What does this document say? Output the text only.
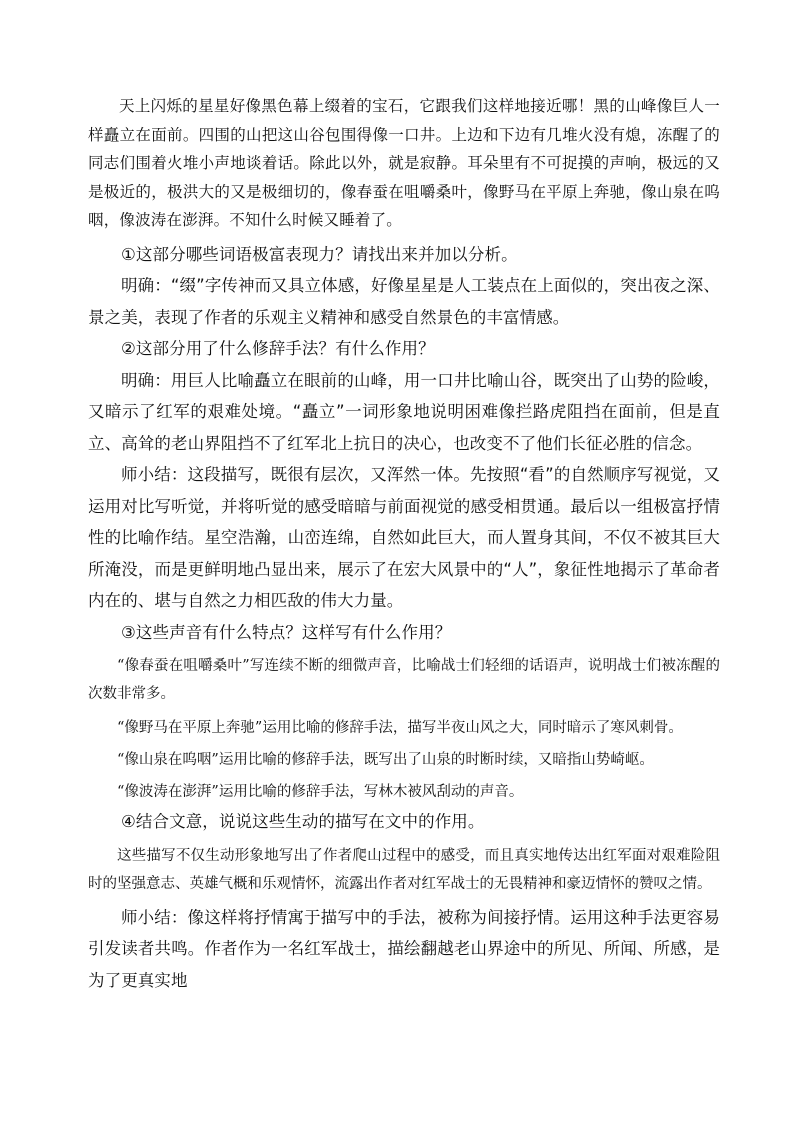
天上闪烁的星星好像黑色幕上缀着的宝石，它跟我们这样地接近哪！黑的山峰像巨人一样矗立在面前。四围的山把这山谷包围得像一口井。上边和下边有几堆火没有熄，冻醒了的同志们围着火堆小声地谈着话。除此以外，就是寂静。耳朵里有不可捉摸的声响，极远的又是极近的，极洪大的又是极细切的，像春蚕在咀嚼桑叶，像野马在平原上奔驰，像山泉在呜咽，像波涛在澎湃。不知什么时候又睡着了。

①这部分哪些词语极富表现力？请找出来并加以分析。

明确：“缀”字传神而又具立体感，好像星星是人工装点在上面似的，突出夜之深、景之美，表现了作者的乐观主义精神和感受自然景色的丰富情感。

②这部分用了什么修辞手法？有什么作用？

明确：用巨人比喻矗立在眼前的山峰，用一口井比喻山谷，既突出了山势的险峻，又暗示了红军的艰难处境。“矗立”一词形象地说明困难像拦路虎阻挡在面前，但是直立、高耸的老山界阻挡不了红军北上抗日的决心，也改变不了他们长征必胜的信念。

师小结：这段描写，既很有层次，又浑然一体。先按照“看”的自然顺序写视觉，又运用对比写听觉，并将听觉的感受暗暗与前面视觉的感受相贯通。最后以一组极富抒情性的比喻作结。星空浩瀚，山峦连绵，自然如此巨大，而人置身其间，不仅不被其巨大所淹没，而是更鲜明地凸显出来，展示了在宏大风景中的“人”，象征性地揭示了革命者内在的、堪与自然之力相匹敌的伟大力量。

③这些声音有什么特点？这样写有什么作用？

“像春蚕在咀嚼桑叶”写连续不断的细微声音，比喻战士们轻细的话语声，说明战士们被冻醒的次数非常多。

“像野马在平原上奔驰”运用比喻的修辞手法，描写半夜山风之大，同时暗示了寒风刺骨。

“像山泉在呜咽”运用比喻的修辞手法，既写出了山泉的时断时续，又暗指山势崎岖。

“像波涛在澎湃”运用比喻的修辞手法，写林木被风刮动的声音。

④结合文意，说说这些生动的描写在文中的作用。

这些描写不仅生动形象地写出了作者爬山过程中的感受，而且真实地传达出红军面对艰难险阻时的坚强意志、英雄气概和乐观情怀，流露出作者对红军战士的无畏精神和豪迈情怀的赞叹之情。

师小结：像这样将抒情寓于描写中的手法，被称为间接抒情。运用这种手法更容易引发读者共鸣。作者作为一名红军战士，描绘翻越老山界途中的所见、所闻、所感，是为了更真实地
